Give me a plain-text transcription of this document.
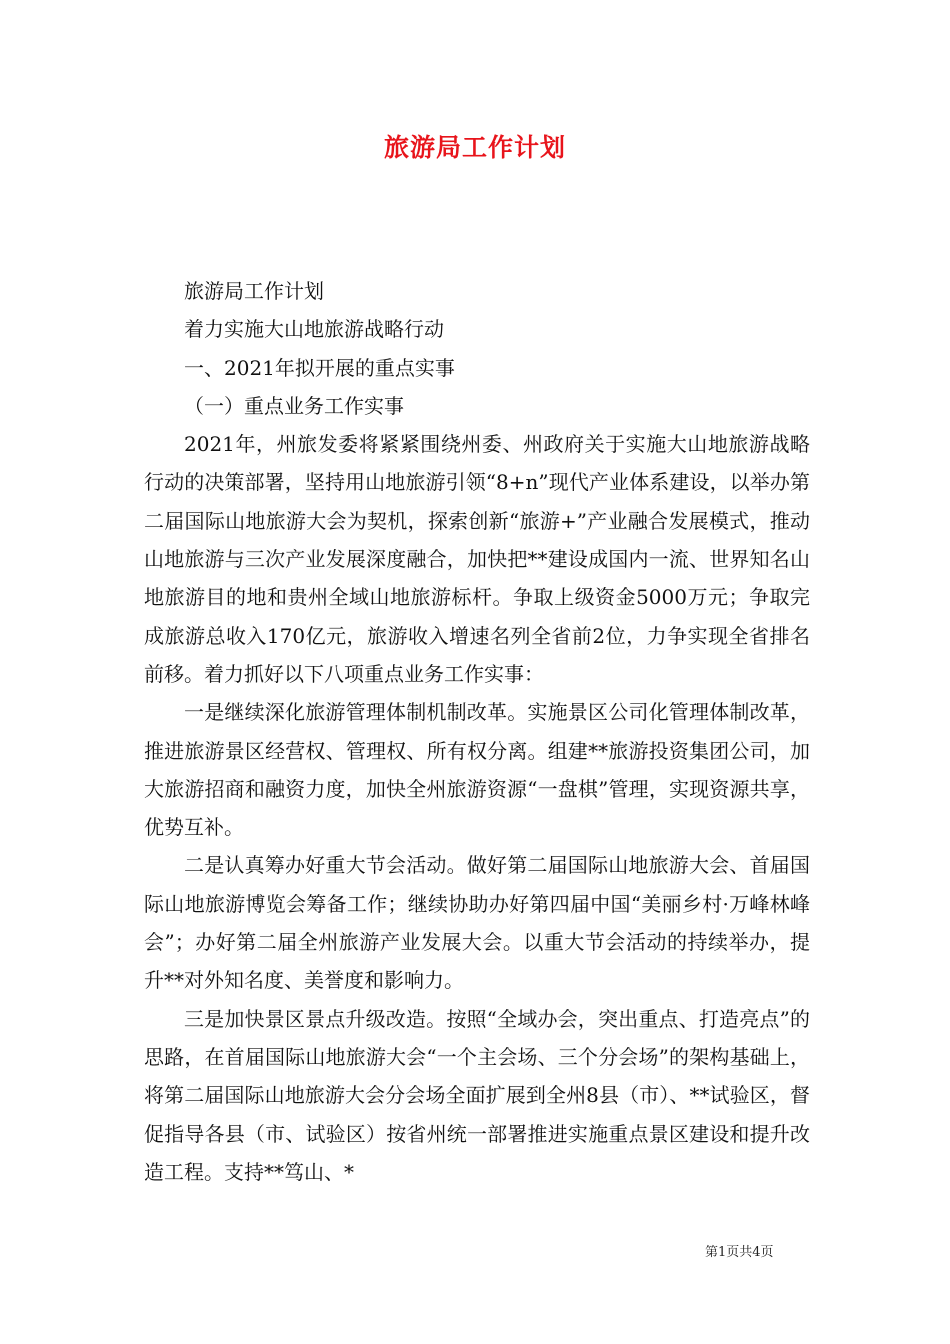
旅游局工作计划

旅游局工作计划

着力实施大山地旅游战略行动

一、2021年拟开展的重点实事

（一）重点业务工作实事

2021年，州旅发委将紧紧围绕州委、州政府关于实施大山地旅游战略行动的决策部署，坚持用山地旅游引领“8+n”现代产业体系建设，以举办第二届国际山地旅游大会为契机，探索创新“旅游+”产业融合发展模式，推动山地旅游与三次产业发展深度融合，加快把**建设成国内一流、世界知名山地旅游目的地和贵州全域山地旅游标杆。争取上级资金5000万元；争取完成旅游总收入170亿元，旅游收入增速名列全省前2位，力争实现全省排名前移。着力抓好以下八项重点业务工作实事：

一是继续深化旅游管理体制机制改革。实施景区公司化管理体制改革，推进旅游景区经营权、管理权、所有权分离。组建**旅游投资集团公司，加大旅游招商和融资力度，加快全州旅游资源“一盘棋”管理，实现资源共享，优势互补。

二是认真筹办好重大节会活动。做好第二届国际山地旅游大会、首届国际山地旅游博览会筹备工作；继续协助办好第四届中国“美丽乡村·万峰林峰会”；办好第二届全州旅游产业发展大会。以重大节会活动的持续举办，提升**对外知名度、美誉度和影响力。

三是加快景区景点升级改造。按照“全域办会，突出重点、打造亮点”的思路，在首届国际山地旅游大会“一个主会场、三个分会场”的架构基础上，将第二届国际山地旅游大会分会场全面扩展到全州8县（市）、**试验区，督促指导各县（市、试验区）按省州统一部署推进实施重点景区建设和提升改造工程。支持**笃山、*

第1页共4页
